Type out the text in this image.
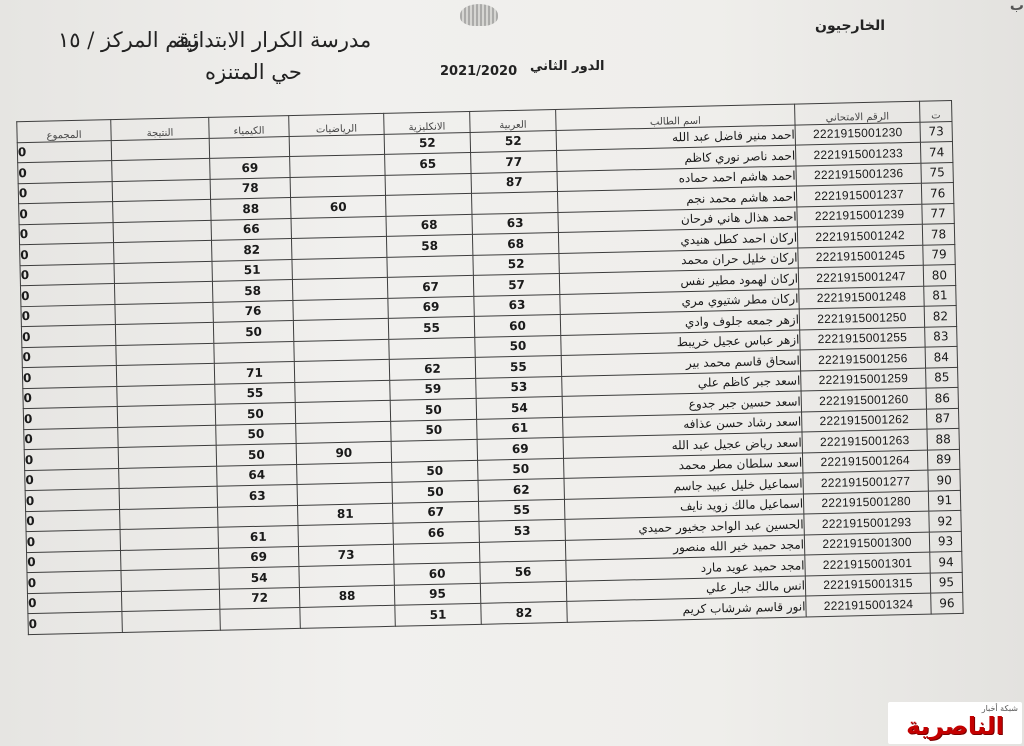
ب
الخارجيون
مدرسة الكرار الابتدائية
رقم المركز / ١٥
حي المتنزه	الدور الثاني
2021/2020
ت	الرقم الامتحاني	اسم الطالب	العربية	الانكليزية	الرياضيات	الكيمياء	النتيجة	المجموع
73	2221915001230	احمد منير فاضل عبد الله	52	52				0
74	2221915001233	احمد ناصر نوري كاظم	77	65		69		0
75	2221915001236	احمد هاشم احمد حماده	87			78		0
76	2221915001237	احمد هاشم محمد نجم			60	88		0
77	2221915001239	احمد هذال هاني فرحان	63	68		66		0
78	2221915001242	اركان احمد كطل هنيدي	68	58		82		0
79	2221915001245	اركان خليل حران محمد	52			51		0
80	2221915001247	اركان لهمود مطير نفس	57	67		58		0
81	2221915001248	اركان مطر شتيوي مري	63	69		76		0
82	2221915001250	ازهر جمعه جلوف وادي	60	55		50		0
83	2221915001255	ازهر عباس عجيل خريبط	50					0
84	2221915001256	اسحاق قاسم محمد بير	55	62		71		0
85	2221915001259	اسعد جبر كاظم علي	53	59		55		0
86	2221915001260	اسعد حسين جبر جدوع	54	50		50		0
87	2221915001262	اسعد رشاد حسن عذافه	61	50		50		0
88	2221915001263	اسعد رياض عجيل عبد الله	69		90	50		0
89	2221915001264	اسعد سلطان مطر محمد	50	50		64		0
90	2221915001277	اسماعيل خليل عبيد جاسم	62	50		63		0
91	2221915001280	اسماعيل مالك زويد نايف	55	67	81			0
92	2221915001293	الحسين عبد الواحد جخيور حميدي	53	66		61		0
93	2221915001300	امجد حميد خير الله منصور			73	69		0
94	2221915001301	امجد حميد عويد مارد	56	60		54		0
95	2221915001315	انس مالك جبار علي		95	88	72		0
96	2221915001324	انور قاسم شرشاب كريم	82	51				0
شبكة أخبار
الناصرية
